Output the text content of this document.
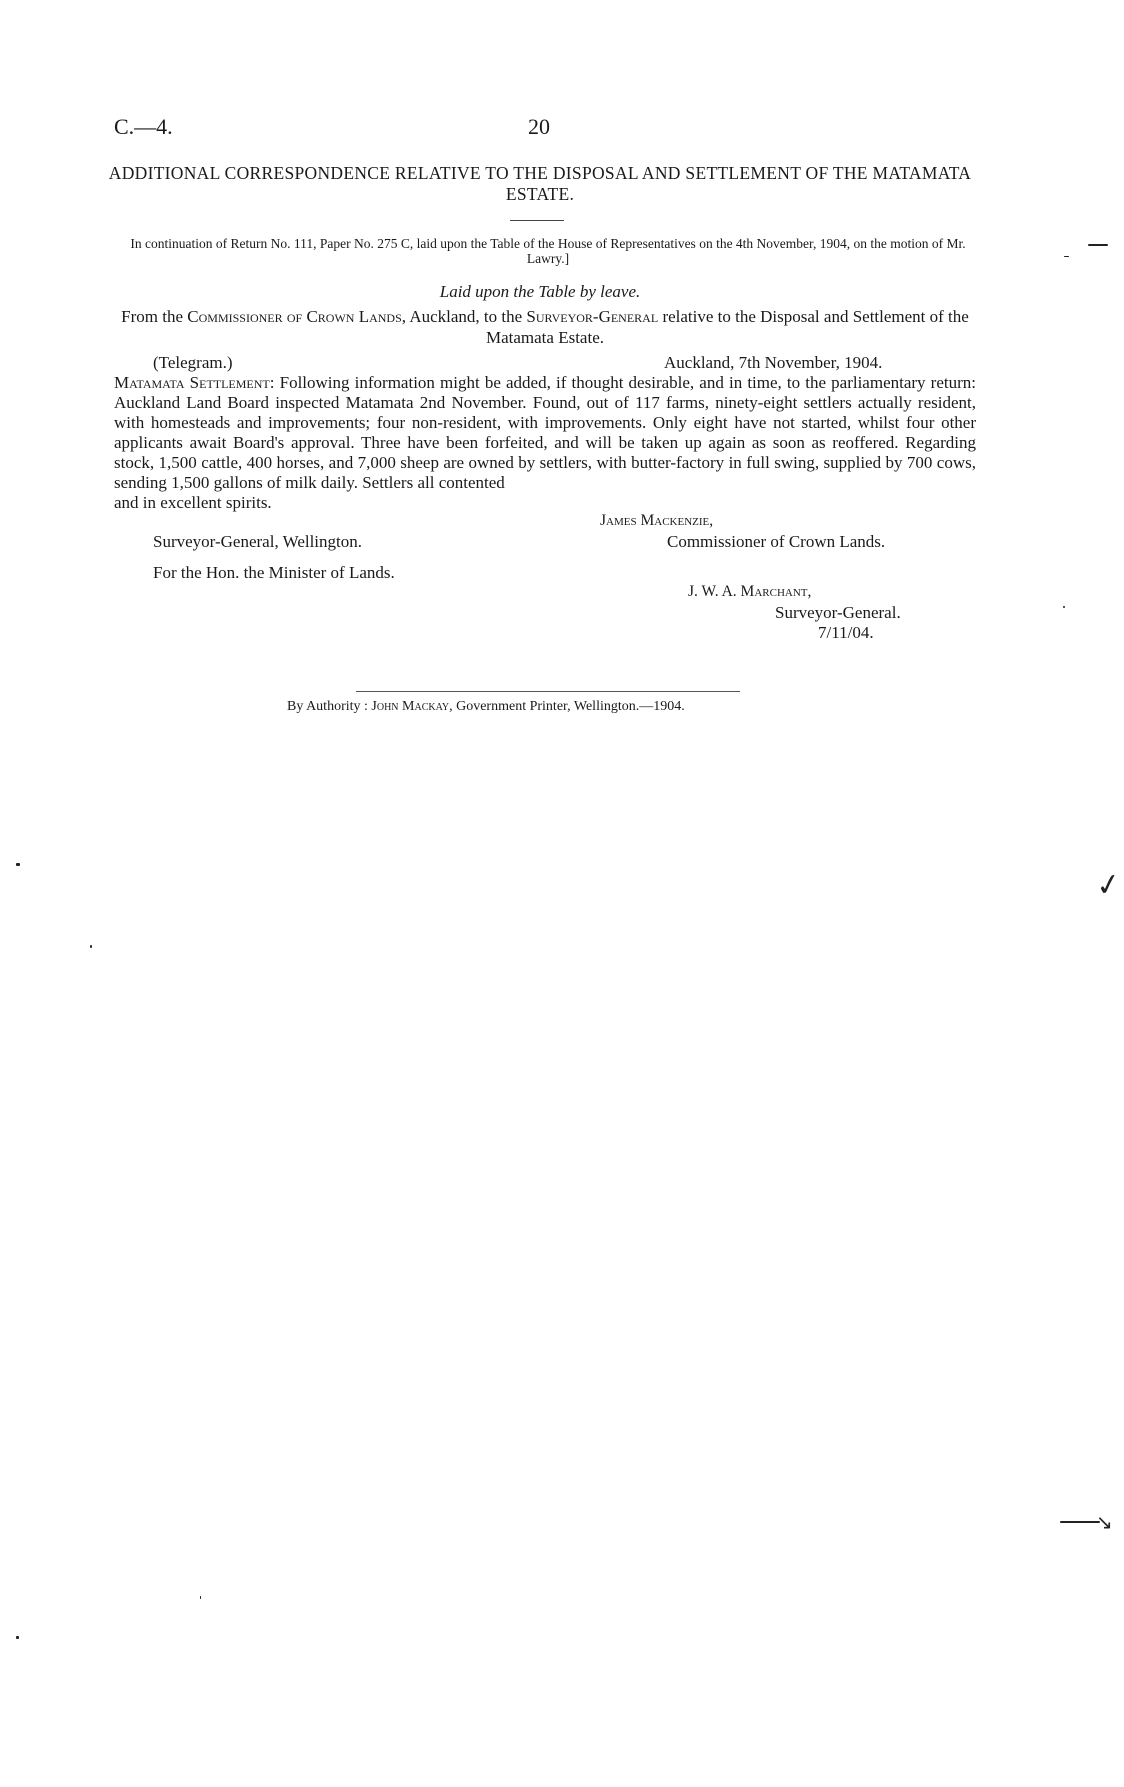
C.—4.	20
ADDITIONAL CORRESPONDENCE RELATIVE TO THE DISPOSAL AND SETTLEMENT OF THE MATAMATA ESTATE.
In continuation of Return No. 111, Paper No. 275 C, laid upon the Table of the House of Representatives on the 4th November, 1904, on the motion of Mr. Lawry.]
Laid upon the Table by leave.
From the Commissioner of Crown Lands, Auckland, to the Surveyor-General relative to the Disposal and Settlement of the Matamata Estate.
(Telegram.)	Auckland, 7th November, 1904.
Matamata Settlement: Following information might be added, if thought desirable, and in time, to the parliamentary return: Auckland Land Board inspected Matamata 2nd November. Found, out of 117 farms, ninety-eight settlers actually resident, with homesteads and improvements; four non-resident, with improvements. Only eight have not started, whilst four other applicants await Board's approval. Three have been forfeited, and will be taken up again as soon as reoffered. Regarding stock, 1,500 cattle, 400 horses, and 7,000 sheep are owned by settlers, with butter-factory in full swing, supplied by 700 cows, sending 1,500 gallons of milk daily. Settlers all contented
and in excellent spirits.
James Mackenzie,
Surveyor-General, Wellington.	Commissioner of Crown Lands.
For the Hon. the Minister of Lands.
J. W. A. Marchant,
Surveyor-General.
7/11/04.
By Authority : John Mackay, Government Printer, Wellington.—1904.
✓
↘
